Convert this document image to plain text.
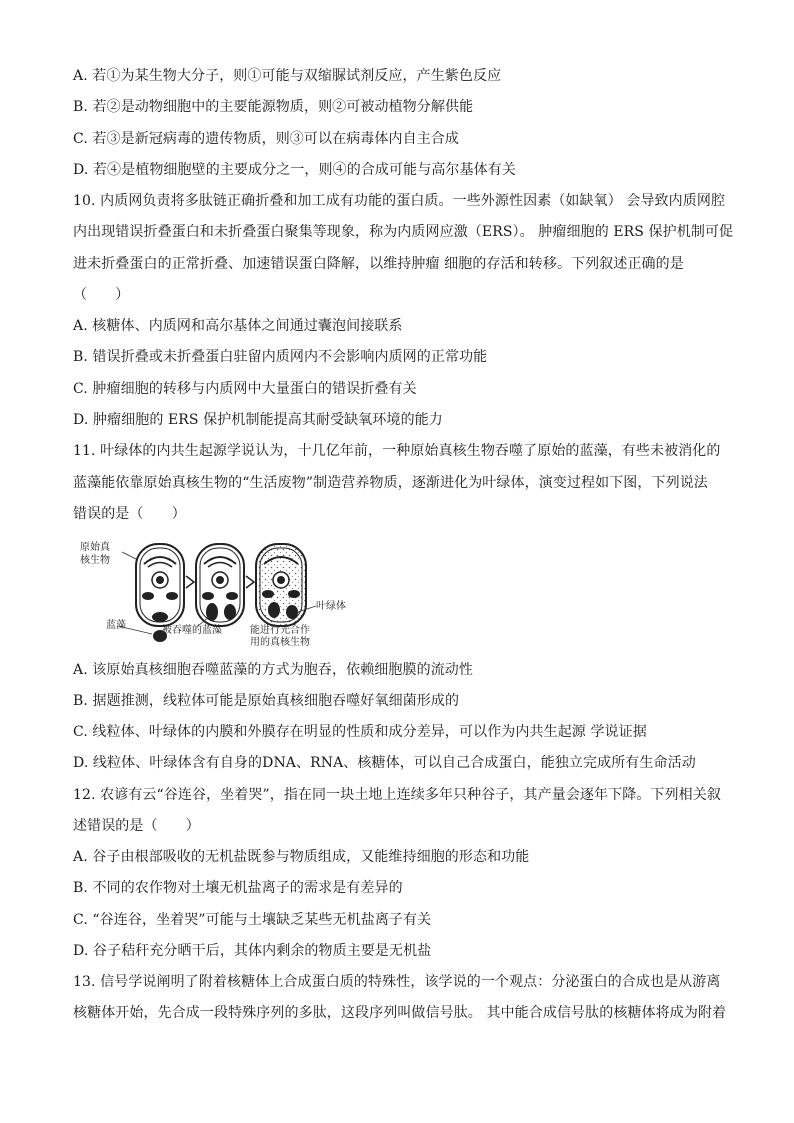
A. 若①为某生物大分子，则①可能与双缩脲试剂反应，产生紫色反应
B. 若②是动物细胞中的主要能源物质，则②可被动植物分解供能
C. 若③是新冠病毒的遗传物质，则③可以在病毒体内自主合成
D. 若④是植物细胞壁的主要成分之一，则④的合成可能与高尔基体有关
10. 内质网负责将多肽链正确折叠和加工成有功能的蛋白质。一些外源性因素（如缺氧） 会导致内质网腔
内出现错误折叠蛋白和未折叠蛋白聚集等现象，称为内质网应激（ERS）。 肿瘤细胞的 ERS 保护机制可促
进未折叠蛋白的正常折叠、加速错误蛋白降解，以维持肿瘤 细胞的存活和转移。下列叙述正确的是
（　　）
A. 核糖体、内质网和高尔基体之间通过囊泡间接联系
B. 错误折叠或未折叠蛋白驻留内质网内不会影响内质网的正常功能
C. 肿瘤细胞的转移与内质网中大量蛋白的错误折叠有关
D. 肿瘤细胞的 ERS 保护机制能提高其耐受缺氧环境的能力
11. 叶绿体的内共生起源学说认为，十几亿年前，一种原始真核生物吞噬了原始的蓝藻，有些未被消化的
蓝藻能依靠原始真核生物的“生活废物”制造营养物质，逐渐进化为叶绿体，演变过程如下图，下列说法
错误的是（　　）
原始真
核生物
蓝藻	被吞噬的蓝藻
叶绿体
能进行光合作
用的真核生物
A. 该原始真核细胞吞噬蓝藻的方式为胞吞，依赖细胞膜的流动性
B. 据题推测，线粒体可能是原始真核细胞吞噬好氧细菌形成的
C. 线粒体、叶绿体的内膜和外膜存在明显的性质和成分差异，可以作为内共生起源 学说证据
D. 线粒体、叶绿体含有自身的DNA、RNA、核糖体，可以自己合成蛋白，能独立完成所有生命活动
12. 农谚有云“谷连谷，坐着哭”，指在同一块土地上连续多年只种谷子，其产量会逐年下降。下列相关叙
述错误的是（　　）
A. 谷子由根部吸收的无机盐既参与物质组成，又能维持细胞的形态和功能
B. 不同的农作物对土壤无机盐离子的需求是有差异的
C. “谷连谷，坐着哭”可能与土壤缺乏某些无机盐离子有关
D. 谷子秸秆充分晒干后，其体内剩余的物质主要是无机盐
13. 信号学说阐明了附着核糖体上合成蛋白质的特殊性，该学说的一个观点：分泌蛋白的合成也是从游离
核糖体开始，先合成一段特殊序列的多肽，这段序列叫做信号肽。 其中能合成信号肽的核糖体将成为附着
